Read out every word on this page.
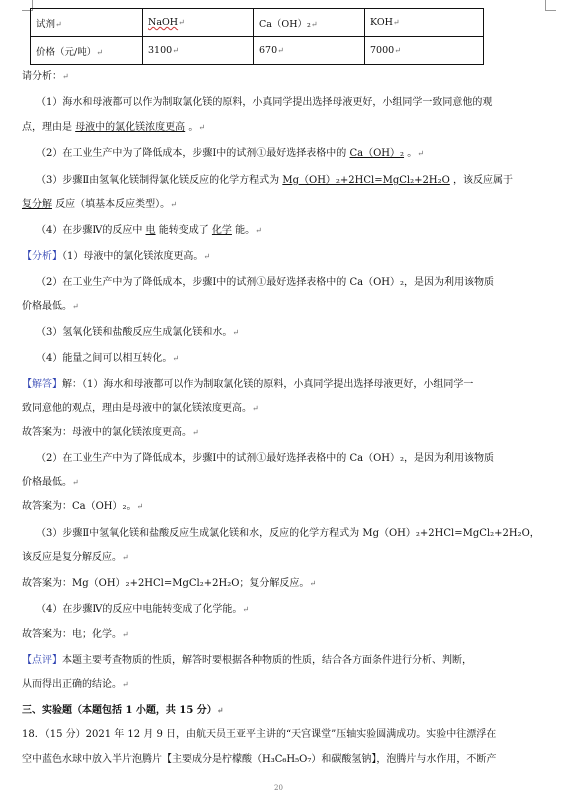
试剂↵	NaOH↵	Ca（OH）₂↵	KOH↵
价格（元/吨）↵	3100↵	670↵	7000↵
请分析：↵
（1）海水和母液都可以作为制取氯化镁的原料，小真同学提出选择母液更好，小组同学一致同意他的观
点，理由是 母液中的氯化镁浓度更高 。↵
（2）在工业生产中为了降低成本，步骤Ⅰ中的试剂①最好选择表格中的 Ca（OH）₂ 。↵
（3）步骤Ⅱ由氢氧化镁制得氯化镁反应的化学方程式为 Mg（OH）₂+2HCl=MgCl₂+2H₂O ，该反应属于
复分解 反应（填基本反应类型）。↵
（4）在步骤Ⅳ的反应中 电 能转变成了 化学 能。↵
【分析】（1）母液中的氯化镁浓度更高。↵
（2）在工业生产中为了降低成本，步骤Ⅰ中的试剂①最好选择表格中的 Ca（OH）₂，是因为利用该物质
价格最低。↵
（3）氢氧化镁和盐酸反应生成氯化镁和水。↵
（4）能量之间可以相互转化。↵
【解答】解：（1）海水和母液都可以作为制取氯化镁的原料，小真同学提出选择母液更好，小组同学一
致同意他的观点，理由是母液中的氯化镁浓度更高。↵
故答案为：母液中的氯化镁浓度更高。↵
（2）在工业生产中为了降低成本，步骤Ⅰ中的试剂①最好选择表格中的 Ca（OH）₂，是因为利用该物质
价格最低。↵
故答案为：Ca（OH）₂。↵
（3）步骤Ⅱ中氢氧化镁和盐酸反应生成氯化镁和水，反应的化学方程式为 Mg（OH）₂+2HCl=MgCl₂+2H₂O，
该反应是复分解反应。↵
故答案为：Mg（OH）₂+2HCl=MgCl₂+2H₂O；复分解反应。↵
（4）在步骤Ⅳ的反应中电能转变成了化学能。↵
故答案为：电；化学。↵
【点评】本题主要考查物质的性质，解答时要根据各种物质的性质，结合各方面条件进行分析、判断，
从而得出正确的结论。↵
三、实验题（本题包括 1 小题，共 15 分）↵
18．（15 分）2021 年 12 月 9 日，由航天员王亚平主讲的“天宫课堂”压轴实验圆满成功。实验中往漂浮在
空中蓝色水球中放入半片泡腾片【主要成分是柠檬酸（H₃C₆H₅O₇）和碳酸氢钠】，泡腾片与水作用，不断产
20
